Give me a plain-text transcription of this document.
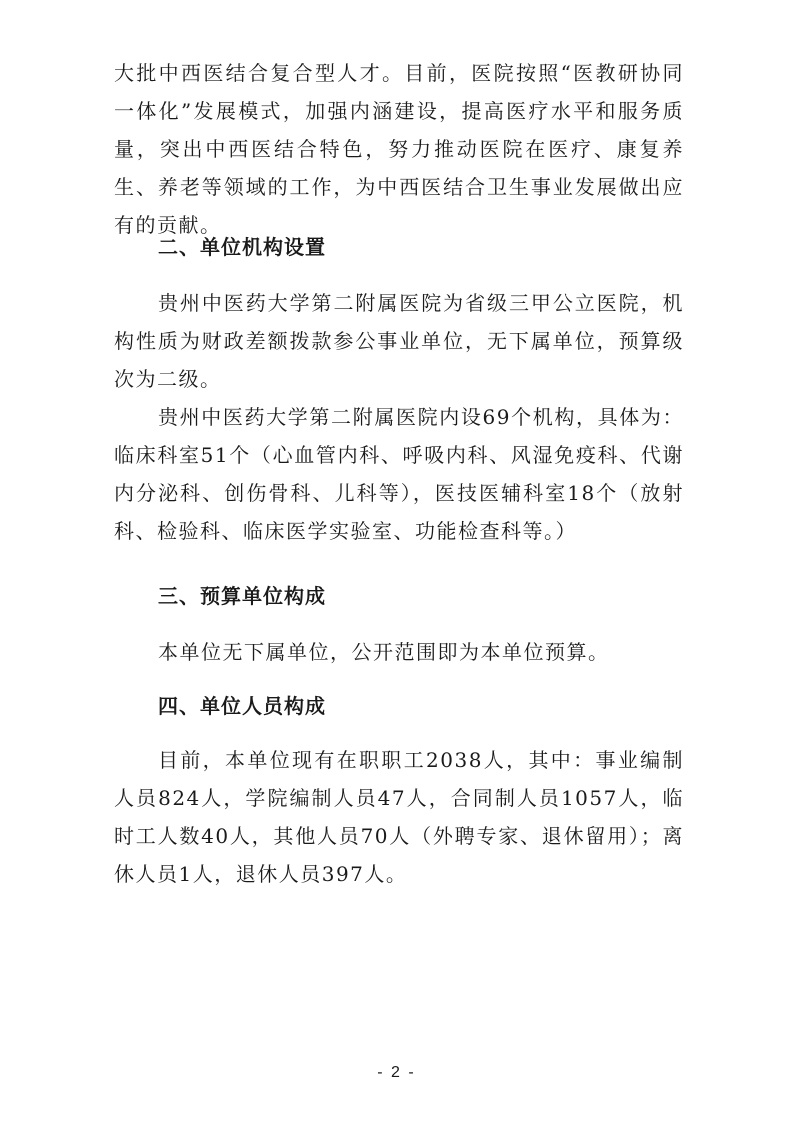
大批中西医结合复合型人才。目前，医院按照“医教研协同一体化”发展模式，加强内涵建设，提高医疗水平和服务质量，突出中西医结合特色，努力推动医院在医疗、康复养生、养老等领域的工作，为中西医结合卫生事业发展做出应有的贡献。

二、单位机构设置

贵州中医药大学第二附属医院为省级三甲公立医院，机构性质为财政差额拨款参公事业单位，无下属单位，预算级次为二级。

贵州中医药大学第二附属医院内设69个机构，具体为：临床科室51个（心血管内科、呼吸内科、风湿免疫科、代谢内分泌科、创伤骨科、儿科等），医技医辅科室18个（放射科、检验科、临床医学实验室、功能检查科等。）

三、预算单位构成

本单位无下属单位，公开范围即为本单位预算。

四、单位人员构成

目前，本单位现有在职职工2038人，其中：事业编制人员824人，学院编制人员47人，合同制人员1057人，临时工人数40人，其他人员70人（外聘专家、退休留用）；离休人员1人，退休人员397人。

- 2 -
